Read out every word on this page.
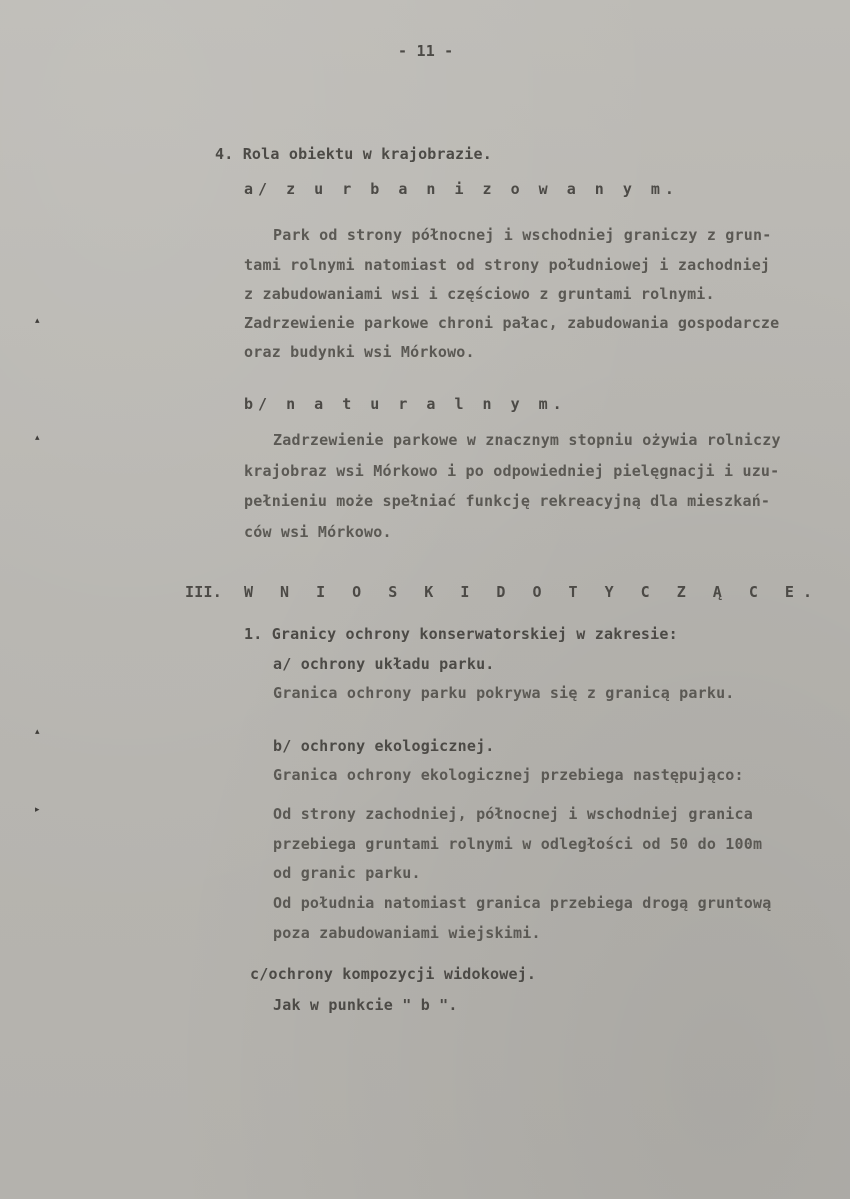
- 11 -
4. Rola obiektu w krajobrazie.
a/ z u r b a n i z o w a n y m.
Park od strony północnej i wschodniej graniczy z grun-
tami rolnymi natomiast od strony południowej i zachodniej
z zabudowaniami wsi i częściowo z gruntami rolnymi.
Zadrzewienie parkowe chroni pałac, zabudowania gospodarcze
oraz budynki wsi Mórkowo.
b/ n a t u r a l n y m.
Zadrzewienie parkowe w znacznym stopniu ożywia rolniczy
krajobraz wsi Mórkowo i po odpowiedniej pielęgnacji i uzu-
pełnieniu może spełniać funkcję rekreacyjną dla mieszkań-
ców wsi Mórkowo.
III. W N I O S K I D O T Y C Z Ą C E.
1. Granicy ochrony konserwatorskiej w zakresie:
a/ ochrony układu parku.
Granica ochrony parku pokrywa się z granicą parku.
b/ ochrony ekologicznej.
Granica ochrony ekologicznej przebiega następująco:
Od strony zachodniej, północnej i wschodniej granica
przebiega gruntami rolnymi w odległości od 50 do 100m
od granic parku.
Od południa natomiast granica przebiega drogą gruntową
poza zabudowaniami wiejskimi.
c/ochrony kompozycji widokowej.
Jak w punkcie " b ".
▴
▴
▴
▸
